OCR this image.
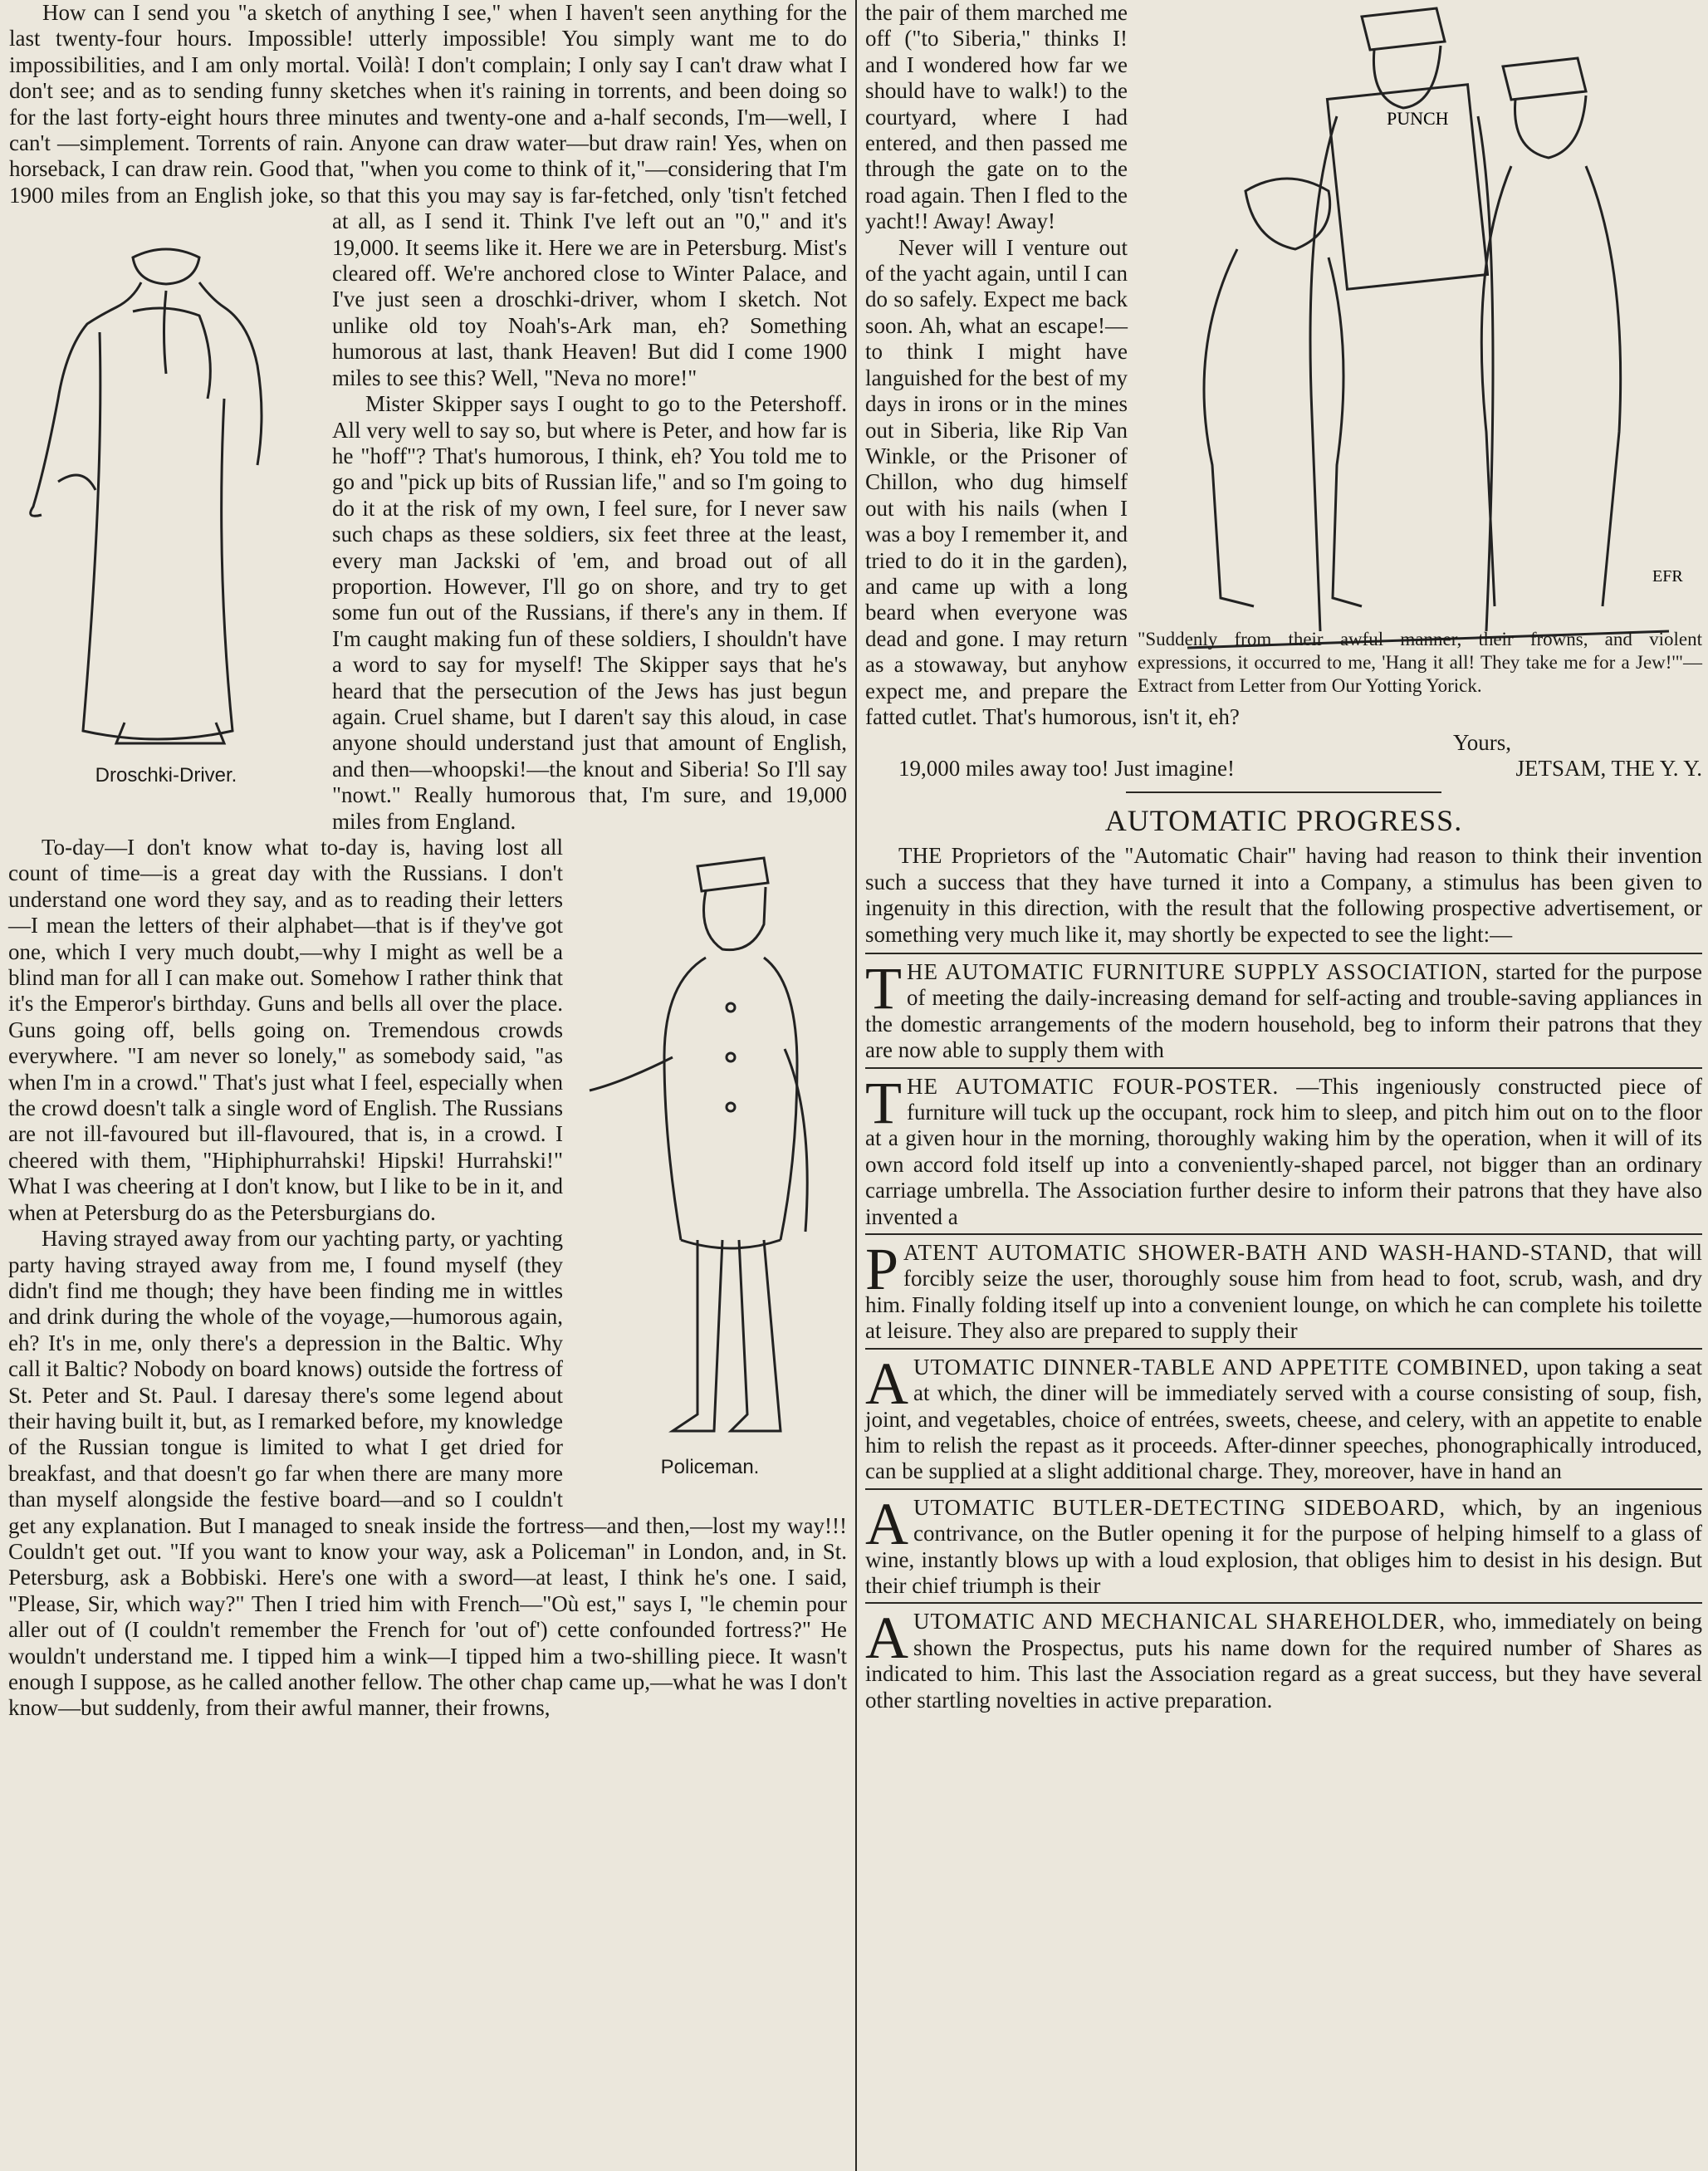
Droschki-Driver.

How can I send you "a sketch of anything I see," when I haven't seen anything for the last twenty-four hours. Impossible! utterly impossible! You simply want me to do impossibilities, and I am only mortal. Voilà! I don't complain; I only say I can't draw what I don't see; and as to sending funny sketches when it's raining in torrents, and been doing so for the last forty-eight hours three minutes and twenty-one and a-half seconds, I'm—well, I can't —simplement. Torrents of rain. Anyone can draw water—but draw rain! Yes, when on horseback, I can draw rein. Good that, "when you come to think of it,"—considering that I'm 1900 miles from an English joke, so that this you may say is far-fetched, only 'tisn't fetched at all, as I send it. Think I've left out an "0," and it's 19,000. It seems like it. Here we are in Petersburg. Mist's cleared off. We're anchored close to Winter Palace, and I've just seen a droschki-driver, whom I sketch. Not unlike old toy Noah's-Ark man, eh? Something humorous at last, thank Heaven! But did I come 1900 miles to see this? Well, "Neva no more!"

Mister Skipper says I ought to go to the Petershoff. All very well to say so, but where is Peter, and how far is he "hoff"? That's humorous, I think, eh? You told me to go and "pick up bits of Russian life," and so I'm going to do it at the risk of my own, I feel sure, for I never saw such chaps as these soldiers, six feet three at the least, every man Jackski of 'em, and broad out of all proportion. However, I'll go on shore, and try to get some fun out of the Russians, if there's any in them. If I'm caught making fun of these soldiers, I shouldn't have a word to say for myself! The Skipper says that he's heard that the persecution of the Jews has just begun again. Cruel shame, but I daren't say this aloud, in case anyone should understand just that amount of English, and then—whoopski!—the knout and Siberia! So I'll say "nowt." Really humorous that, I'm sure, and 19,000 miles from England.

Policeman.

To-day—I don't know what to-day is, having lost all count of time—is a great day with the Russians. I don't understand one word they say, and as to reading their letters—I mean the letters of their alphabet—that is if they've got one, which I very much doubt,—why I might as well be a blind man for all I can make out. Somehow I rather think that it's the Emperor's birthday. Guns and bells all over the place. Guns going off, bells going on. Tremendous crowds everywhere. "I am never so lonely," as somebody said, "as when I'm in a crowd." That's just what I feel, especially when the crowd doesn't talk a single word of English. The Russians are not ill-favoured but ill-flavoured, that is, in a crowd. I cheered with them, "Hiphiphurrahski! Hipski! Hurrahski!" What I was cheering at I don't know, but I like to be in it, and when at Petersburg do as the Petersburgians do.

Having strayed away from our yachting party, or yachting party having strayed away from me, I found myself (they didn't find me though; they have been finding me in wittles and drink during the whole of the voyage,—humorous again, eh? It's in me, only there's a depression in the Baltic. Why call it Baltic? Nobody on board knows) outside the fortress of St. Peter and St. Paul. I daresay there's some legend about their having built it, but, as I remarked before, my knowledge of the Russian tongue is limited to what I get dried for breakfast, and that doesn't go far when there are many more than myself alongside the festive board—and so I couldn't get any explanation. But I managed to sneak inside the fortress—and then,—lost my way!!! Couldn't get out. "If you want to know your way, ask a Policeman" in London, and, in St. Petersburg, ask a Bobbiski. Here's one with a sword—at least, I think he's one. I said, "Please, Sir, which way?" Then I tried him with French—"Où est," says I, "le chemin pour aller out of (I couldn't remember the French for 'out of') cette confounded fortress?" He wouldn't understand me. I tipped him a wink—I tipped him a two-shilling piece. It wasn't enough I suppose, as he called another fellow. The other chap came up,—what he was I don't know—but suddenly, from their awful manner, their frowns,

PUNCH
EFR

"Suddenly from their awful manner, their frowns, and violent expressions, it occurred to me, 'Hang it all! They take me for a Jew!'"—Extract from Letter from Our Yotting Yorick.

the pair of them marched me off ("to Siberia," thinks I! and I wondered how far we should have to walk!) to the courtyard, where I had entered, and then passed me through the gate on to the road again. Then I fled to the yacht!! Away! Away!

Never will I venture out of the yacht again, until I can do so safely. Expect me back soon. Ah, what an escape!—to think I might have languished for the best of my days in irons or in the mines out in Siberia, like Rip Van Winkle, or the Prisoner of Chillon, who dug himself out with his nails (when I was a boy I remember it, and tried to do it in the garden), and came up with a long beard when everyone was dead and gone. I may return as a stowaway, but anyhow expect me, and prepare the fatted cutlet. That's humorous, isn't it, eh?

Yours,
19,000 miles away too! Just imagine!	JETSAM, THE Y. Y.
AUTOMATIC PROGRESS.

THE Proprietors of the "Automatic Chair" having had reason to think their invention such a success that they have turned it into a Company, a stimulus has been given to ingenuity in this direction, with the result that the following prospective advertisement, or something very much like it, may shortly be expected to see the light:—

THE AUTOMATIC FURNITURE SUPPLY ASSOCIATION, started for the purpose of meeting the daily-increasing demand for self-acting and trouble-saving appliances in the domestic arrangements of the modern household, beg to inform their patrons that they are now able to supply them with

THE AUTOMATIC FOUR-POSTER. —This ingeniously constructed piece of furniture will tuck up the occupant, rock him to sleep, and pitch him out on to the floor at a given hour in the morning, thoroughly waking him by the operation, when it will of its own accord fold itself up into a conveniently-shaped parcel, not bigger than an ordinary carriage umbrella. The Association further desire to inform their patrons that they have also invented a

PATENT AUTOMATIC SHOWER-BATH AND WASH-HAND-STAND, that will forcibly seize the user, thoroughly souse him from head to foot, scrub, wash, and dry him. Finally folding itself up into a convenient lounge, on which he can complete his toilette at leisure. They also are prepared to supply their

AUTOMATIC DINNER-TABLE AND APPETITE COMBINED, upon taking a seat at which, the diner will be immediately served with a course consisting of soup, fish, joint, and vegetables, choice of entrées, sweets, cheese, and celery, with an appetite to enable him to relish the repast as it proceeds. After-dinner speeches, phonographically introduced, can be supplied at a slight additional charge. They, moreover, have in hand an

AUTOMATIC BUTLER-DETECTING SIDEBOARD, which, by an ingenious contrivance, on the Butler opening it for the purpose of helping himself to a glass of wine, instantly blows up with a loud explosion, that obliges him to desist in his design. But their chief triumph is their

AUTOMATIC AND MECHANICAL SHAREHOLDER, who, immediately on being shown the Prospectus, puts his name down for the required number of Shares as indicated to him. This last the Association regard as a great success, but they have several other startling novelties in active preparation.
